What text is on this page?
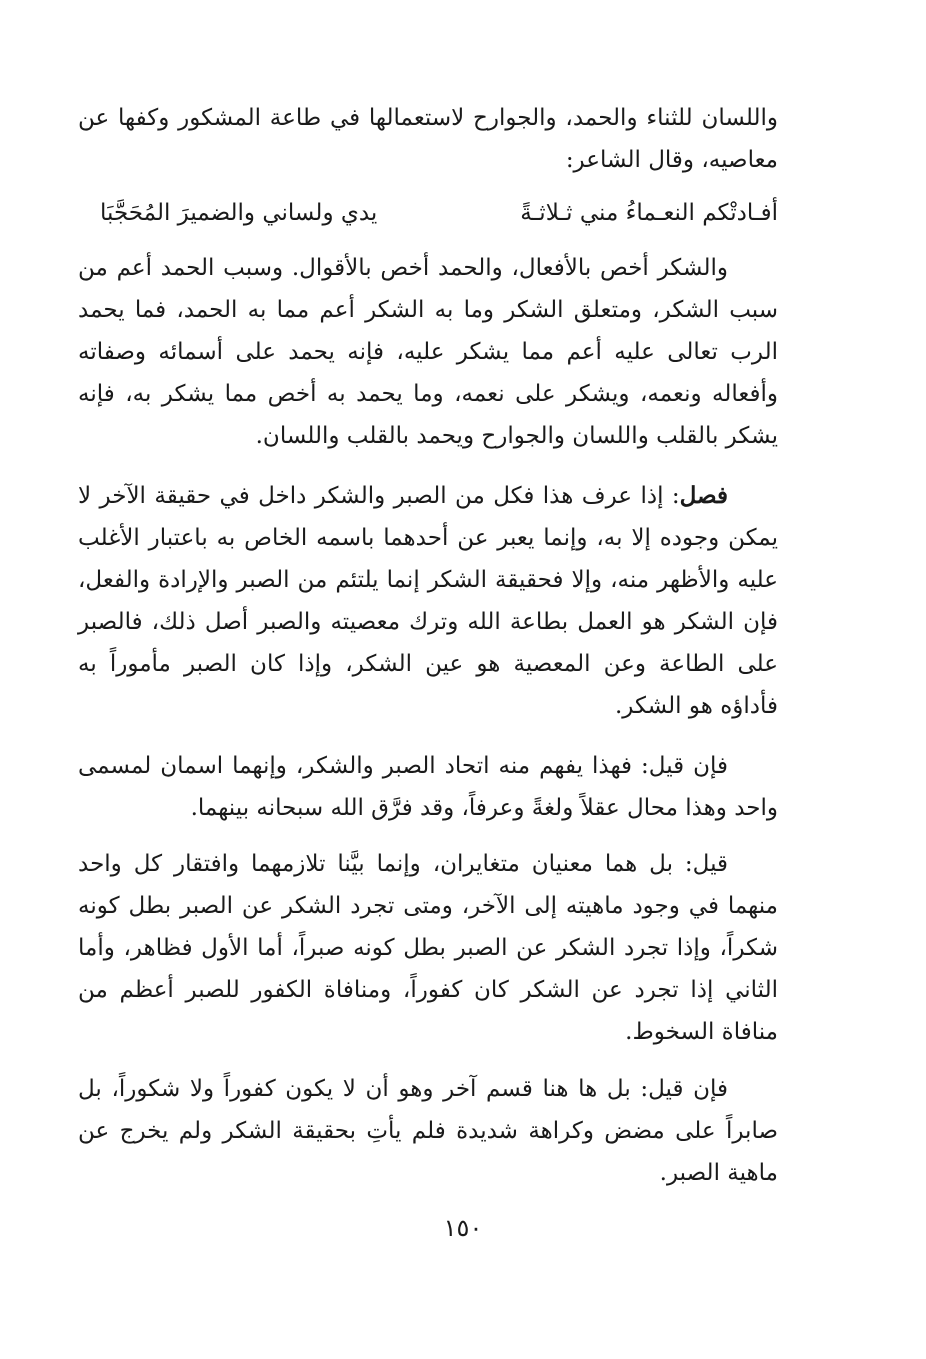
واللسان للثناء والحمد، والجوارح لاستعمالها في طاعة المشكور وكفها عن معاصيه، وقال الشاعر:

أفـادتْكم النعـماءُ مني ثـلاثـةً
يدي ولساني والضميرَ المُحَجَّبَا

والشكر أخص بالأفعال، والحمد أخص بالأقوال. وسبب الحمد أعم من سبب الشكر، ومتعلق الشكر وما به الشكر أعم مما به الحمد، فما يحمد الرب تعالى عليه أعم مما يشكر عليه، فإنه يحمد على أسمائه وصفاته وأفعاله ونعمه، ويشكر على نعمه، وما يحمد به أخص مما يشكر به، فإنه يشكر بالقلب واللسان والجوارح ويحمد بالقلب واللسان.

فصل: إذا عرف هذا فكل من الصبر والشكر داخل في حقيقة الآخر لا يمكن وجوده إلا به، وإنما يعبر عن أحدهما باسمه الخاص به باعتبار الأغلب عليه والأظهر منه، وإلا فحقيقة الشكر إنما يلتئم من الصبر والإرادة والفعل، فإن الشكر هو العمل بطاعة الله وترك معصيته والصبر أصل ذلك، فالصبر على الطاعة وعن المعصية هو عين الشكر، وإذا كان الصبر مأموراً به فأداؤه هو الشكر.

فإن قيل: فهذا يفهم منه اتحاد الصبر والشكر، وإنهما اسمان لمسمى واحد وهذا محال عقلاً ولغةً وعرفاً، وقد فرَّق الله سبحانه بينهما.

قيل: بل هما معنيان متغايران، وإنما بيَّنا تلازمهما وافتقار كل واحد منهما في وجود ماهيته إلى الآخر، ومتى تجرد الشكر عن الصبر بطل كونه شكراً، وإذا تجرد الشكر عن الصبر بطل كونه صبراً، أما الأول فظاهر، وأما الثاني إذا تجرد عن الشكر كان كفوراً، ومنافاة الكفور للصبر أعظم من منافاة السخوط.

فإن قيل: بل ها هنا قسم آخر وهو أن لا يكون كفوراً ولا شكوراً، بل صابراً على مضض وكراهة شديدة فلم يأتِ بحقيقة الشكر ولم يخرج عن ماهية الصبر.

١٥٠
